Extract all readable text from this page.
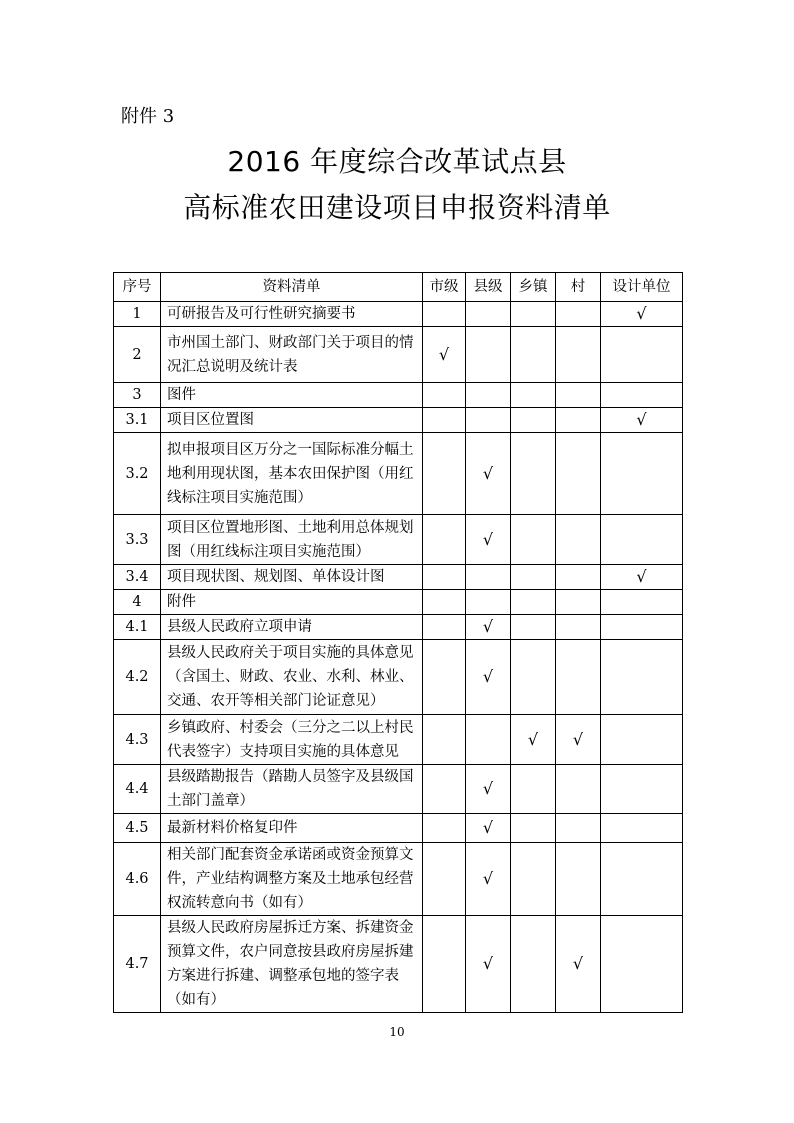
附件 3
2016 年度综合改革试点县
高标准农田建设项目申报资料清单
序号	资料清单	市级	县级	乡镇	村	设计单位
1	可研报告及可行性研究摘要书					√
2	市州国土部门、财政部门关于项目的情况汇总说明及统计表	√				
3	图件					
3.1	项目区位置图					√
3.2	拟申报项目区万分之一国际标准分幅土地利用现状图，基本农田保护图（用红线标注项目实施范围）		√			
3.3	项目区位置地形图、土地利用总体规划图（用红线标注项目实施范围）		√			
3.4	项目现状图、规划图、单体设计图					√
4	附件					
4.1	县级人民政府立项申请		√			
4.2	县级人民政府关于项目实施的具体意见（含国土、财政、农业、水利、林业、交通、农开等相关部门论证意见）		√			
4.3	乡镇政府、村委会（三分之二以上村民代表签字）支持项目实施的具体意见			√	√	
4.4	县级踏勘报告（踏勘人员签字及县级国土部门盖章）		√			
4.5	最新材料价格复印件		√			
4.6	相关部门配套资金承诺函或资金预算文件，产业结构调整方案及土地承包经营权流转意向书（如有）		√			
4.7	县级人民政府房屋拆迁方案、拆建资金预算文件，农户同意按县政府房屋拆建方案进行拆建、调整承包地的签字表（如有）		√		√	
10
